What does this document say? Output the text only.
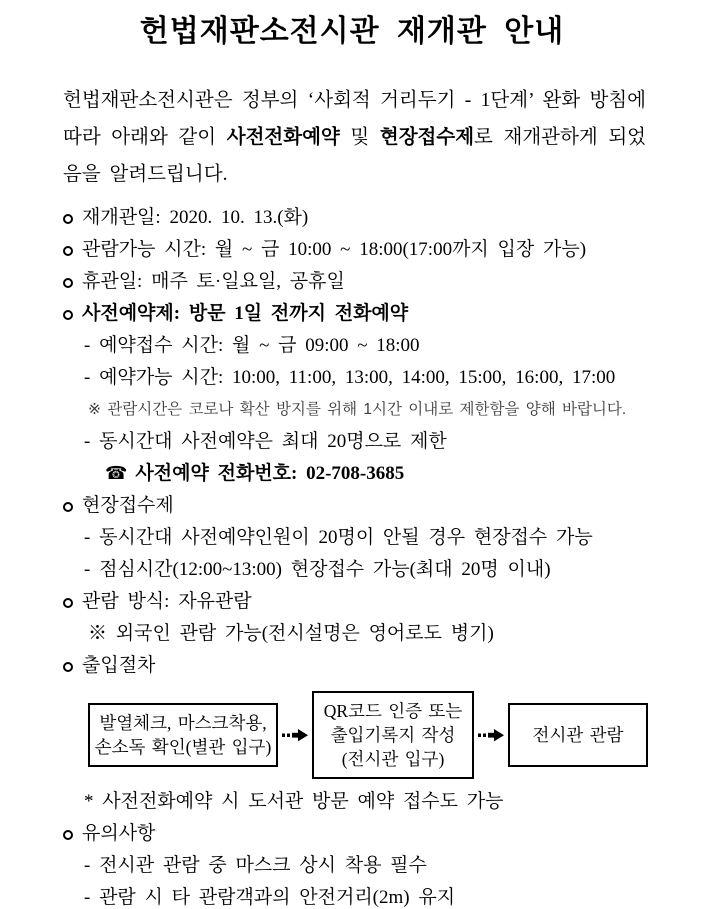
헌법재판소전시관 재개관 안내
헌법재판소전시관은 정부의 ‘사회적 거리두기 - 1단계’ 완화 방침에 따라 아래와 같이 사전전화예약 및 현장접수제로 재개관하게 되었음을 알려드립니다.
재개관일: 2020. 10. 13.(화)
관람가능 시간: 월 ~ 금 10:00 ~ 18:00(17:00까지 입장 가능)
휴관일: 매주 토·일요일, 공휴일
사전예약제: 방문 1일 전까지 전화예약
- 예약접수 시간: 월 ~ 금 09:00 ~ 18:00
- 예약가능 시간: 10:00, 11:00, 13:00, 14:00, 15:00, 16:00, 17:00
※ 관람시간은 코로나 확산 방지를 위해 1시간 이내로 제한함을 양해 바랍니다.
- 동시간대 사전예약은 최대 20명으로 제한
☎ 사전예약 전화번호: 02-708-3685
현장접수제
- 동시간대 사전예약인원이 20명이 안될 경우 현장접수 가능
- 점심시간(12:00~13:00) 현장접수 가능(최대 20명 이내)
관람 방식: 자유관람
※ 외국인 관람 가능(전시설명은 영어로도 병기)
출입절차
발열체크, 마스크착용,
손소독 확인(별관 입구)
QR코드 인증 또는
출입기록지 작성
(전시관 입구)
전시관 관람
* 사전전화예약 시 도서관 방문 예약 접수도 가능
유의사항
- 전시관 관람 중 마스크 상시 착용 필수
- 관람 시 타 관람객과의 안전거리(2m) 유지
